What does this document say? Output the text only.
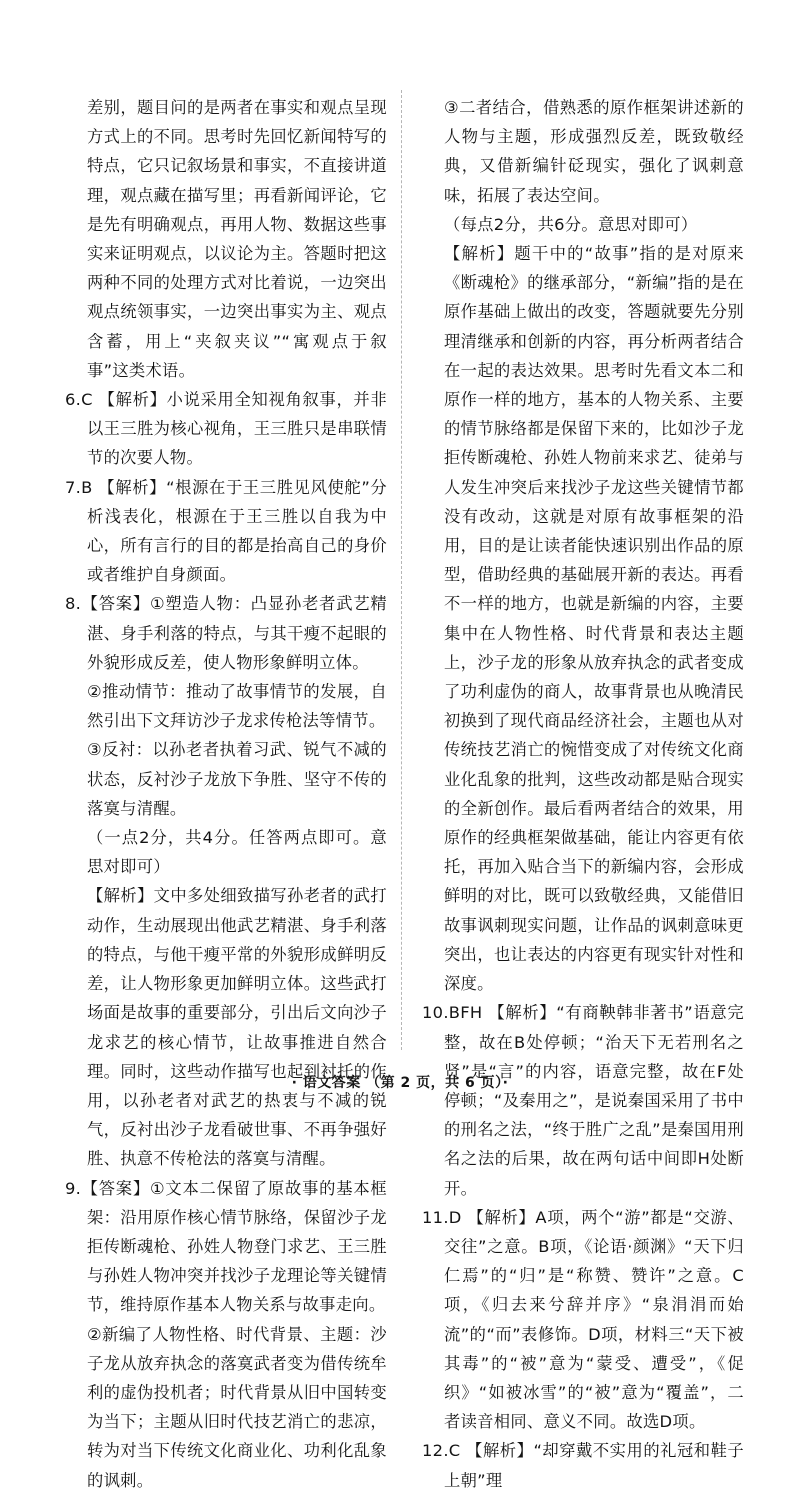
差别，题目问的是两者在事实和观点呈现方式上的不同。思考时先回忆新闻特写的特点，它只记叙场景和事实，不直接讲道理，观点藏在描写里；再看新闻评论，它是先有明确观点，再用人物、数据这些事实来证明观点，以议论为主。答题时把这两种不同的处理方式对比着说，一边突出观点统领事实，一边突出事实为主、观点含蓄，用上“夹叙夹议”“寓观点于叙事”这类术语。

6.C 【解析】小说采用全知视角叙事，并非以王三胜为核心视角，王三胜只是串联情节的次要人物。

7.B 【解析】“根源在于王三胜见风使舵”分析浅表化，根源在于王三胜以自我为中心，所有言行的目的都是抬高自己的身价或者维护自身颜面。

8.【答案】①塑造人物：凸显孙老者武艺精湛、身手利落的特点，与其干瘦不起眼的外貌形成反差，使人物形象鲜明立体。

②推动情节：推动了故事情节的发展，自然引出下文拜访沙子龙求传枪法等情节。

③反衬：以孙老者执着习武、锐气不减的状态，反衬沙子龙放下争胜、坚守不传的落寞与清醒。

（一点2分，共4分。任答两点即可。意思对即可）

【解析】文中多处细致描写孙老者的武打动作，生动展现出他武艺精湛、身手利落的特点，与他干瘦平常的外貌形成鲜明反差，让人物形象更加鲜明立体。这些武打场面是故事的重要部分，引出后文向沙子龙求艺的核心情节，让故事推进自然合理。同时，这些动作描写也起到衬托的作用，以孙老者对武艺的热衷与不减的锐气，反衬出沙子龙看破世事、不再争强好胜、执意不传枪法的落寞与清醒。

9.【答案】①文本二保留了原故事的基本框架：沿用原作核心情节脉络，保留沙子龙拒传断魂枪、孙姓人物登门求艺、王三胜与孙姓人物冲突并找沙子龙理论等关键情节，维持原作基本人物关系与故事走向。

②新编了人物性格、时代背景、主题：沙子龙从放弃执念的落寞武者变为借传统牟利的虚伪投机者；时代背景从旧中国转变为当下；主题从旧时代技艺消亡的悲凉，转为对当下传统文化商业化、功利化乱象的讽刺。

③二者结合，借熟悉的原作框架讲述新的人物与主题，形成强烈反差，既致敬经典，又借新编针砭现实，强化了讽刺意味，拓展了表达空间。

（每点2分，共6分。意思对即可）

【解析】题干中的“故事”指的是对原来《断魂枪》的继承部分，“新编”指的是在原作基础上做出的改变，答题就要先分别理清继承和创新的内容，再分析两者结合在一起的表达效果。思考时先看文本二和原作一样的地方，基本的人物关系、主要的情节脉络都是保留下来的，比如沙子龙拒传断魂枪、孙姓人物前来求艺、徒弟与人发生冲突后来找沙子龙这些关键情节都没有改动，这就是对原有故事框架的沿用，目的是让读者能快速识别出作品的原型，借助经典的基础展开新的表达。再看不一样的地方，也就是新编的内容，主要集中在人物性格、时代背景和表达主题上，沙子龙的形象从放弃执念的武者变成了功利虚伪的商人，故事背景也从晚清民初换到了现代商品经济社会，主题也从对传统技艺消亡的惋惜变成了对传统文化商业化乱象的批判，这些改动都是贴合现实的全新创作。最后看两者结合的效果，用原作的经典框架做基础，能让内容更有依托，再加入贴合当下的新编内容，会形成鲜明的对比，既可以致敬经典，又能借旧故事讽刺现实问题，让作品的讽刺意味更突出，也让表达的内容更有现实针对性和深度。

10.BFH 【解析】“有商鞅韩非著书”语意完整，故在B处停顿；“治天下无若刑名之贤”是“言”的内容，语意完整，故在F处停顿；“及秦用之”，是说秦国采用了书中的刑名之法，“终于胜广之乱”是秦国用刑名之法的后果，故在两句话中间即H处断开。

11.D 【解析】A项，两个“游”都是“交游、交往”之意。B项，《论语·颜渊》“天下归仁焉”的“归”是“称赞、赞许”之意。C项，《归去来兮辞并序》“泉涓涓而始流”的“而”表修饰。D项，材料三“天下被其毒”的“被”意为“蒙受、遭受”，《促织》“如被冰雪”的“被”意为“覆盖”，二者读音相同、意义不同。故选D项。

12.C 【解析】“却穿戴不实用的礼冠和鞋子上朝”理

· 语文答案 （第 2 页，共 6 页）·
